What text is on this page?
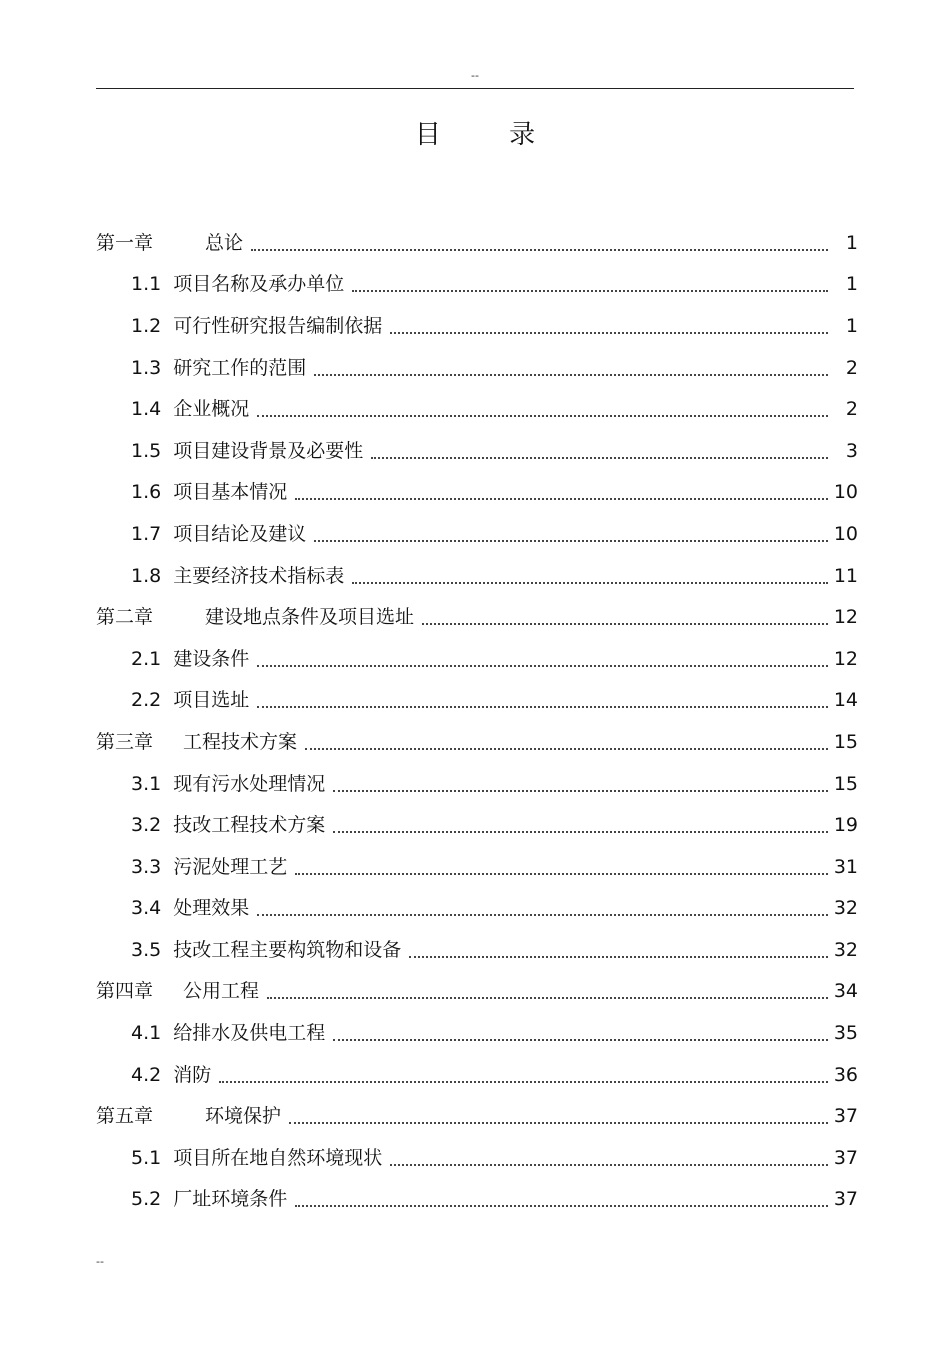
--
目 录
第一章	总论	1
1.1 项目名称及承办单位	1
1.2 可行性研究报告编制依据	1
1.3 研究工作的范围	2
1.4 企业概况	2
1.5 项目建设背景及必要性	3
1.6 项目基本情况	10
1.7 项目结论及建议	10
1.8 主要经济技术指标表	11
第二章	建设地点条件及项目选址	12
2.1 建设条件	12
2.2 项目选址	14
第三章 工程技术方案	15
3.1 现有污水处理情况	15
3.2 技改工程技术方案	19
3.3 污泥处理工艺	31
3.4 处理效果	32
3.5 技改工程主要构筑物和设备	32
第四章 公用工程	34
4.1 给排水及供电工程	35
4.2 消防	36
第五章	环境保护	37
5.1 项目所在地自然环境现状	37
5.2 厂址环境条件	37
--
